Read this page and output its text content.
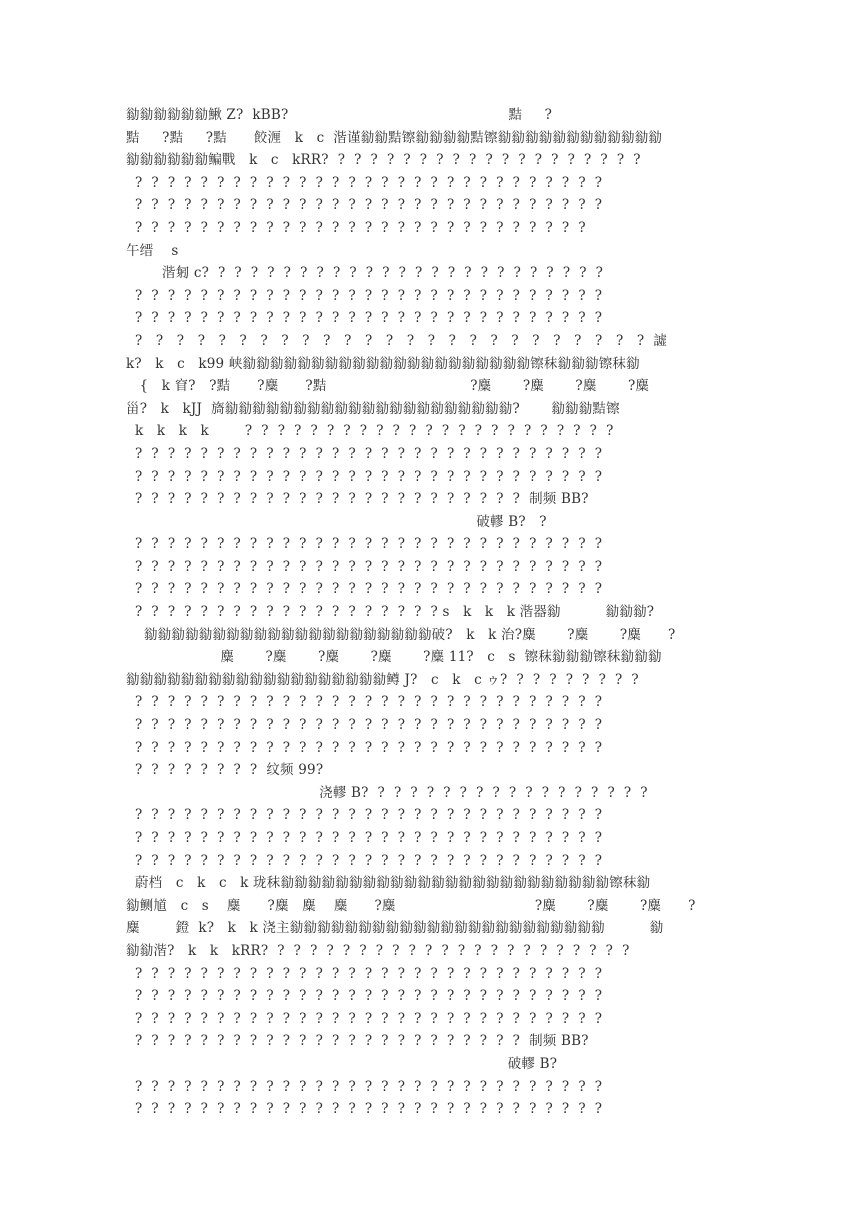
勜勜勜勜勜勜鰍 Z?  kBB?                                                 黠     ?
黠     ?黠     ?黠      餃湹   k   c  湝谨勜勜黠镲勜勜勜勜黠镲勜勜勜勜勜勜勜勜勜勜勜勜
勜勜勜勜勜勜鳊戰   k   c   kRR?  ?  ?  ?  ?  ?  ?  ?  ?  ?  ?  ?  ?  ?  ?  ?  ?  ?  ?  ?
?  ?  ?  ?  ?  ?  ?  ?  ?  ?  ?  ?  ?  ?  ?  ?  ?  ?  ?  ?  ?  ?  ?  ?  ?  ?  ?  ?  ?
?  ?  ?  ?  ?  ?  ?  ?  ?  ?  ?  ?  ?  ?  ?  ?  ?  ?  ?  ?  ?  ?  ?  ?  ?  ?  ?  ?  ?
?  ?  ?  ?  ?  ?  ?  ?  ?  ?  ?  ?  ?  ?  ?  ?  ?  ?  ?  ?  ?  ?  ?  ?  ?  ?  ?  ?
午缙    s
湝匑 c?  ?  ?  ?  ?  ?  ?  ?  ?  ?  ?  ?  ?  ?  ?  ?  ?  ?  ?  ?  ?  ?  ?  ?  ?
?  ?  ?  ?  ?  ?  ?  ?  ?  ?  ?  ?  ?  ?  ?  ?  ?  ?  ?  ?  ?  ?  ?  ?  ?  ?  ?  ?  ?
?  ?  ?  ?  ?  ?  ?  ?  ?  ?  ?  ?  ?  ?  ?  ?  ?  ?  ?  ?  ?  ?  ?  ?  ?  ?  ?  ?  ?
?   ?   ?   ?   ?   ?   ?   ?   ?   ?   ?   ?   ?   ?   ?   ?   ?   ?   ?   ?   ?   ?   ?   ?   ?  譃
k?   k   c   k99 峡勜勜勜勜勜勜勜勜勜勜勜勜勜勜勜勜勜勜勜勜勜镲秣勜勜勜镲秣勜
{   k 窅?   ?黠      ?麋      ?黠                                ?麋       ?麋       ?麋       ?麋
甾?   k   kJJ  旖勜勜勜勜勜勜勜勜勜勜勜勜勜勜勜勜勜勜勜勜勜?       勜勜勜黠镲
k   k   k   k        ?  ?  ?  ?  ?  ?  ?  ?  ?  ?  ?  ?  ?  ?  ?  ?  ?  ?  ?  ?  ?  ?  ?
?  ?  ?  ?  ?  ?  ?  ?  ?  ?  ?  ?  ?  ?  ?  ?  ?  ?  ?  ?  ?  ?  ?  ?  ?  ?  ?  ?  ?
?  ?  ?  ?  ?  ?  ?  ?  ?  ?  ?  ?  ?  ?  ?  ?  ?  ?  ?  ?  ?  ?  ?  ?  ?  ?  ?  ?  ?
?  ?  ?  ?  ?  ?  ?  ?  ?  ?  ?  ?  ?  ?  ?  ?  ?  ?  ?  ?  ?  ?  ?  ?  制频 BB?
破轇 B?   ?
?  ?  ?  ?  ?  ?  ?  ?  ?  ?  ?  ?  ?  ?  ?  ?  ?  ?  ?  ?  ?  ?  ?  ?  ?  ?  ?  ?  ?
?  ?  ?  ?  ?  ?  ?  ?  ?  ?  ?  ?  ?  ?  ?  ?  ?  ?  ?  ?  ?  ?  ?  ?  ?  ?  ?  ?  ?
?  ?  ?  ?  ?  ?  ?  ?  ?  ?  ?  ?  ?  ?  ?  ?  ?  ?  ?  ?  ?  ?  ?  ?  ?  ?  ?  ?  ?
?  ?  ?  ?  ?  ?  ?  ?  ?  ?  ?  ?  ?  ?  ?  ?  ?  ?  ? s   k   k   k 湝器勜          勜勜勜?
勜勜勜勜勜勜勜勜勜勜勜勜勜勜勜勜勜勜勜勜勜破?   k   k 治?麋       ?麋       ?麋      ?
麋       ?麋       ?麋       ?麋       ?麋 11?   c   s  镲秣勜勜勜镲秣勜勜勜
勜勜勜勜勜勜勜勜勜勜勜勜勜勜勜勜勜勜勜鳟 J?   c   k   c ゥ?  ?  ?  ?  ?  ?  ?  ?  ?
?  ?  ?  ?  ?  ?  ?  ?  ?  ?  ?  ?  ?  ?  ?  ?  ?  ?  ?  ?  ?  ?  ?  ?  ?  ?  ?  ?  ?
?  ?  ?  ?  ?  ?  ?  ?  ?  ?  ?  ?  ?  ?  ?  ?  ?  ?  ?  ?  ?  ?  ?  ?  ?  ?  ?  ?  ?
?  ?  ?  ?  ?  ?  ?  ?  ?  ?  ?  ?  ?  ?  ?  ?  ?  ?  ?  ?  ?  ?  ?  ?  ?  ?  ?  ?  ?
?  ?  ?  ?  ?  ?  ?  ?  纹频 99?
浇轇 B?  ?  ?  ?  ?  ?  ?  ?  ?  ?  ?  ?  ?  ?  ?  ?  ?  ?
?  ?  ?  ?  ?  ?  ?  ?  ?  ?  ?  ?  ?  ?  ?  ?  ?  ?  ?  ?  ?  ?  ?  ?  ?  ?  ?  ?  ?
?  ?  ?  ?  ?  ?  ?  ?  ?  ?  ?  ?  ?  ?  ?  ?  ?  ?  ?  ?  ?  ?  ?  ?  ?  ?  ?  ?  ?
?  ?  ?  ?  ?  ?  ?  ?  ?  ?  ?  ?  ?  ?  ?  ?  ?  ?  ?  ?  ?  ?  ?  ?  ?  ?  ?  ?  ?
蔚档   c   k   c   k 珑秣勜勜勜勜勜勜勜勜勜勜勜勜勜勜勜勜勜勜勜勜勜勜勜勜镲秣勜
勜鲗馗   c   s    麋      ?麋   麋    麋      ?麋                               ?麋       ?麋       ?麋      ?
麋        鐙  k?   k   k 浇主勜勜勜勜勜勜勜勜勜勜勜勜勜勜勜勜勜勜勜勜勜勜勜          勜
勜勜湝?   k   k   kRR?  ?  ?  ?  ?  ?  ?  ?  ?  ?  ?  ?  ?  ?  ?  ?  ?  ?  ?  ?  ?  ?  ?
?  ?  ?  ?  ?  ?  ?  ?  ?  ?  ?  ?  ?  ?  ?  ?  ?  ?  ?  ?  ?  ?  ?  ?  ?  ?  ?  ?  ?
?  ?  ?  ?  ?  ?  ?  ?  ?  ?  ?  ?  ?  ?  ?  ?  ?  ?  ?  ?  ?  ?  ?  ?  ?  ?  ?  ?  ?
?  ?  ?  ?  ?  ?  ?  ?  ?  ?  ?  ?  ?  ?  ?  ?  ?  ?  ?  ?  ?  ?  ?  ?  ?  ?  ?  ?  ?
?  ?  ?  ?  ?  ?  ?  ?  ?  ?  ?  ?  ?  ?  ?  ?  ?  ?  ?  ?  ?  ?  ?  ?  制频 BB?
破轇 B?
?  ?  ?  ?  ?  ?  ?  ?  ?  ?  ?  ?  ?  ?  ?  ?  ?  ?  ?  ?  ?  ?  ?  ?  ?  ?  ?  ?  ?
?  ?  ?  ?  ?  ?  ?  ?  ?  ?  ?  ?  ?  ?  ?  ?  ?  ?  ?  ?  ?  ?  ?  ?  ?  ?  ?  ?  ?
